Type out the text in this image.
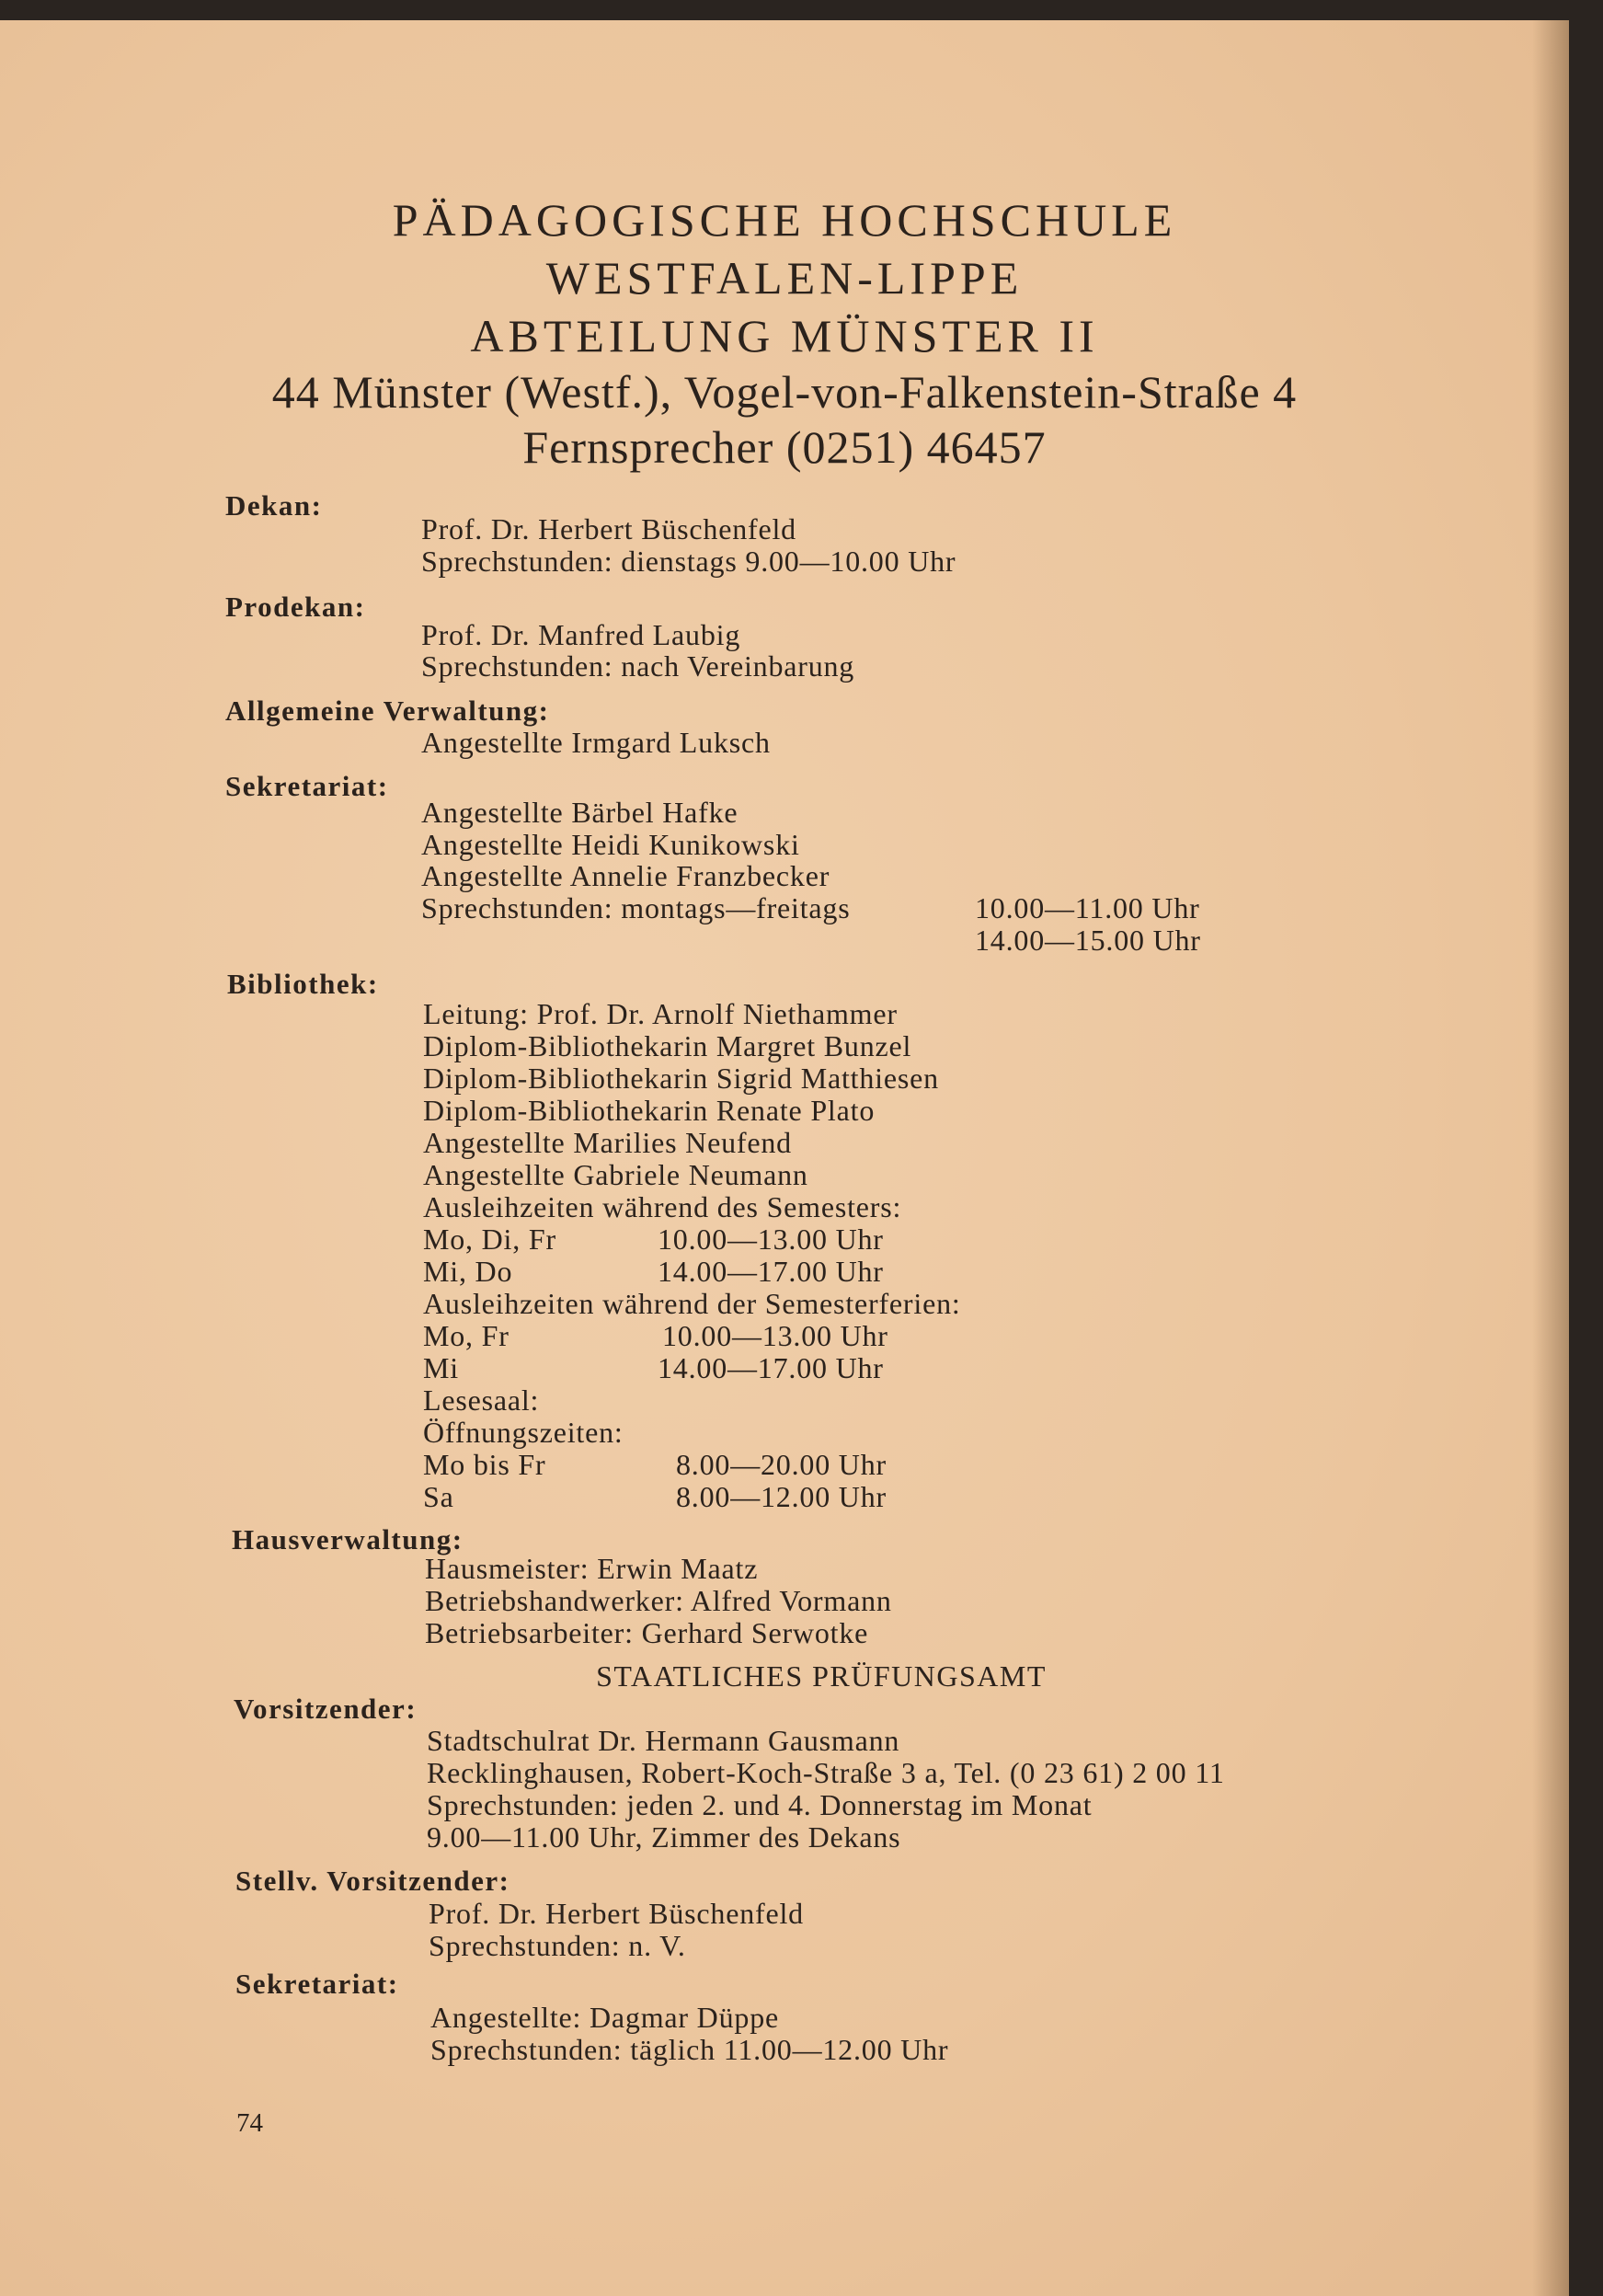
PÄDAGOGISCHE HOCHSCHULE
WESTFALEN-LIPPE
ABTEILUNG MÜNSTER II
44 Münster (Westf.), Vogel-von-Falkenstein-Straße 4
Fernsprecher (0251) 46457
Dekan:
Prof. Dr. Herbert Büschenfeld
Sprechstunden: dienstags 9.00—10.00 Uhr
Prodekan:
Prof. Dr. Manfred Laubig
Sprechstunden: nach Vereinbarung
Allgemeine Verwaltung:
Angestellte Irmgard Luksch
Sekretariat:
Angestellte Bärbel Hafke
Angestellte Heidi Kunikowski
Angestellte Annelie Franzbecker
Sprechstunden: montags—freitags	10.00—11.00 Uhr
14.00—15.00 Uhr
Bibliothek:
Leitung: Prof. Dr. Arnolf Niethammer
Diplom-Bibliothekarin Margret Bunzel
Diplom-Bibliothekarin Sigrid Matthiesen
Diplom-Bibliothekarin Renate Plato
Angestellte Marilies Neufend
Angestellte Gabriele Neumann
Ausleihzeiten während des Semesters:
Mo, Di, Fr	10.00—13.00 Uhr
Mi, Do	14.00—17.00 Uhr
Ausleihzeiten während der Semesterferien:
Mo, Fr	10.00—13.00 Uhr
Mi	14.00—17.00 Uhr
Lesesaal:
Öffnungszeiten:
Mo bis Fr	8.00—20.00 Uhr
Sa	8.00—12.00 Uhr
Hausverwaltung:
Hausmeister: Erwin Maatz
Betriebshandwerker: Alfred Vormann
Betriebsarbeiter: Gerhard Serwotke
STAATLICHES PRÜFUNGSAMT
Vorsitzender:
Stadtschulrat Dr. Hermann Gausmann
Recklinghausen, Robert-Koch-Straße 3 a, Tel. (0 23 61) 2 00 11
Sprechstunden: jeden 2. und 4. Donnerstag im Monat
9.00—11.00 Uhr, Zimmer des Dekans
Stellv. Vorsitzender:
Prof. Dr. Herbert Büschenfeld
Sprechstunden: n. V.
Sekretariat:
Angestellte: Dagmar Düppe
Sprechstunden: täglich 11.00—12.00 Uhr
74
